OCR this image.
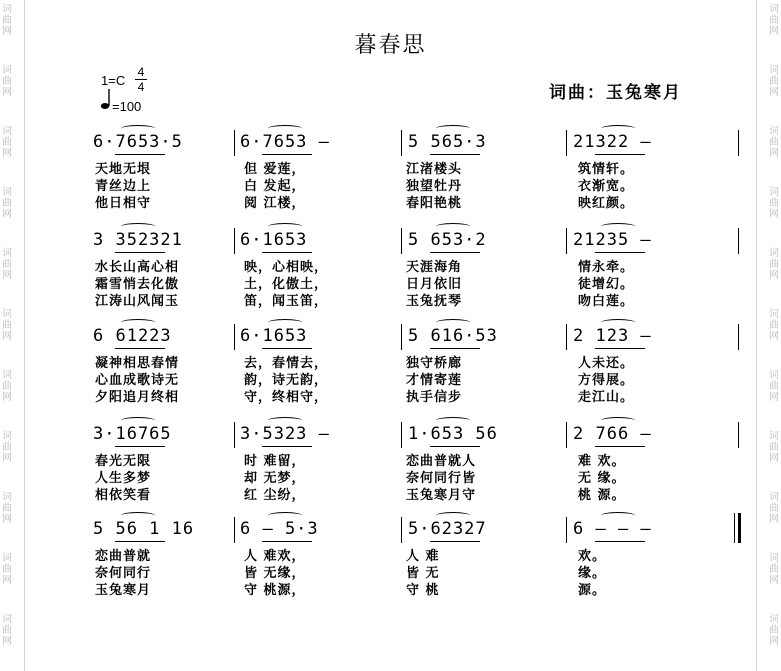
词
曲
网
词
曲
网
词
曲
网
词
曲
网
词
曲
网
词
曲
网
词
曲
网
词
曲
网
词
曲
网
词
曲
网
词
曲
网
词
曲
网
词
曲
网
词
曲
网
词
曲
网
词
曲
网
词
曲
网
词
曲
网
词
曲
网
词
曲
网
词
曲
网
词
曲
网
暮春思
1=C
4
4
=100
词曲：玉兔寒月
6·7653·5	6·7653 –	5 565·3	21322 –
天地无垠	但 爱莲，	江渚楼头	筑情轩。
青丝边上	白 发起，	独望牡丹	衣渐宽。
他日相守	阅 江楼，	春阳艳桃	映红颜。
3 352321	6·1653	5 653·2	21235 –
水长山高心相	映，心相映，	天涯海角	情永牵。
霜雪悄去化傲	土，化傲土，	日月依旧	徒增幻。
江涛山风闻玉	笛，闻玉笛，	玉兔抚琴	吻白莲。
6 61223	6·1653	5 616·53	2 123 –
凝神相思春情	去，春情去，	独守桥廊	人未还。
心血成歌诗无	韵，诗无韵，	才情寄莲	方得展。
夕阳追月终相	守，终相守，	执手信步	走江山。
3·16765	3·5323 –	1·653 56	2 766 –
春光无限	时 难留，	恋曲普就人	难 欢。
人生多梦	却 无梦，	奈何同行皆	无 缘。
相依笑看	红 尘纷，	玉兔寒月守	桃 源。
5 56 1 16	6 – 5·3	5·62327	6 – – –
恋曲普就	人 难欢，	人 难	欢。
奈何同行	皆 无缘，	皆 无	缘。
玉兔寒月	守 桃源，	守 桃	源。
